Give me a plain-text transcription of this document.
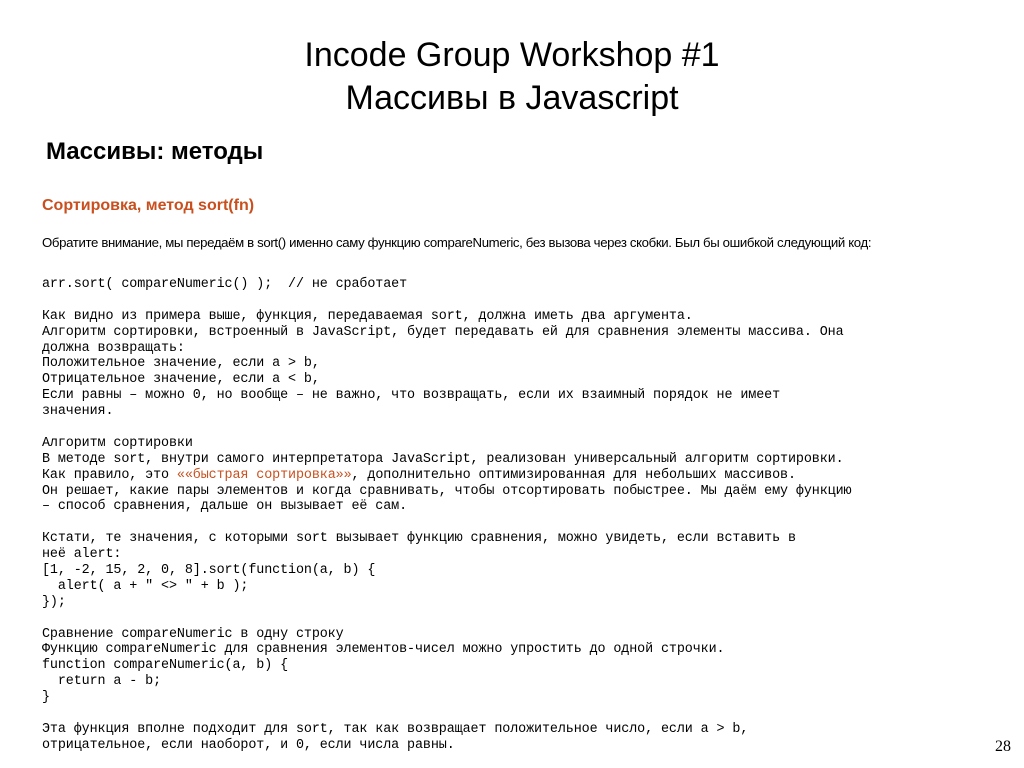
Incode Group Workshop #1
Массивы в Javascript
Массивы: методы
Сортировка, метод sort(fn)
Обратите внимание, мы передаём в sort() именно саму функцию compareNumeric, без вызова через скобки. Был бы ошибкой следующий код:
arr.sort( compareNumeric() );  // не сработает

Как видно из примера выше, функция, передаваемая sort, должна иметь два аргумента.
Алгоритм сортировки, встроенный в JavaScript, будет передавать ей для сравнения элементы массива. Она
должна возвращать:
Положительное значение, если a > b,
Отрицательное значение, если a < b,
Если равны – можно 0, но вообще – не важно, что возвращать, если их взаимный порядок не имеет
значения.

Алгоритм сортировки
В методе sort, внутри самого интерпретатора JavaScript, реализован универсальный алгоритм сортировки.
Как правило, это ««быстрая сортировка»», дополнительно оптимизированная для небольших массивов.
Он решает, какие пары элементов и когда сравнивать, чтобы отсортировать побыстрее. Мы даём ему функцию
– способ сравнения, дальше он вызывает её сам.

Кстати, те значения, с которыми sort вызывает функцию сравнения, можно увидеть, если вставить в
неё alert:
[1, -2, 15, 2, 0, 8].sort(function(a, b) {
alert( a + " <> " + b );
});

Сравнение compareNumeric в одну строку
Функцию compareNumeric для сравнения элементов-чисел можно упростить до одной строчки.
function compareNumeric(a, b) {
return a - b;
}

Эта функция вполне подходит для sort, так как возвращает положительное число, если a > b,
отрицательное, если наоборот, и 0, если числа равны.	28
